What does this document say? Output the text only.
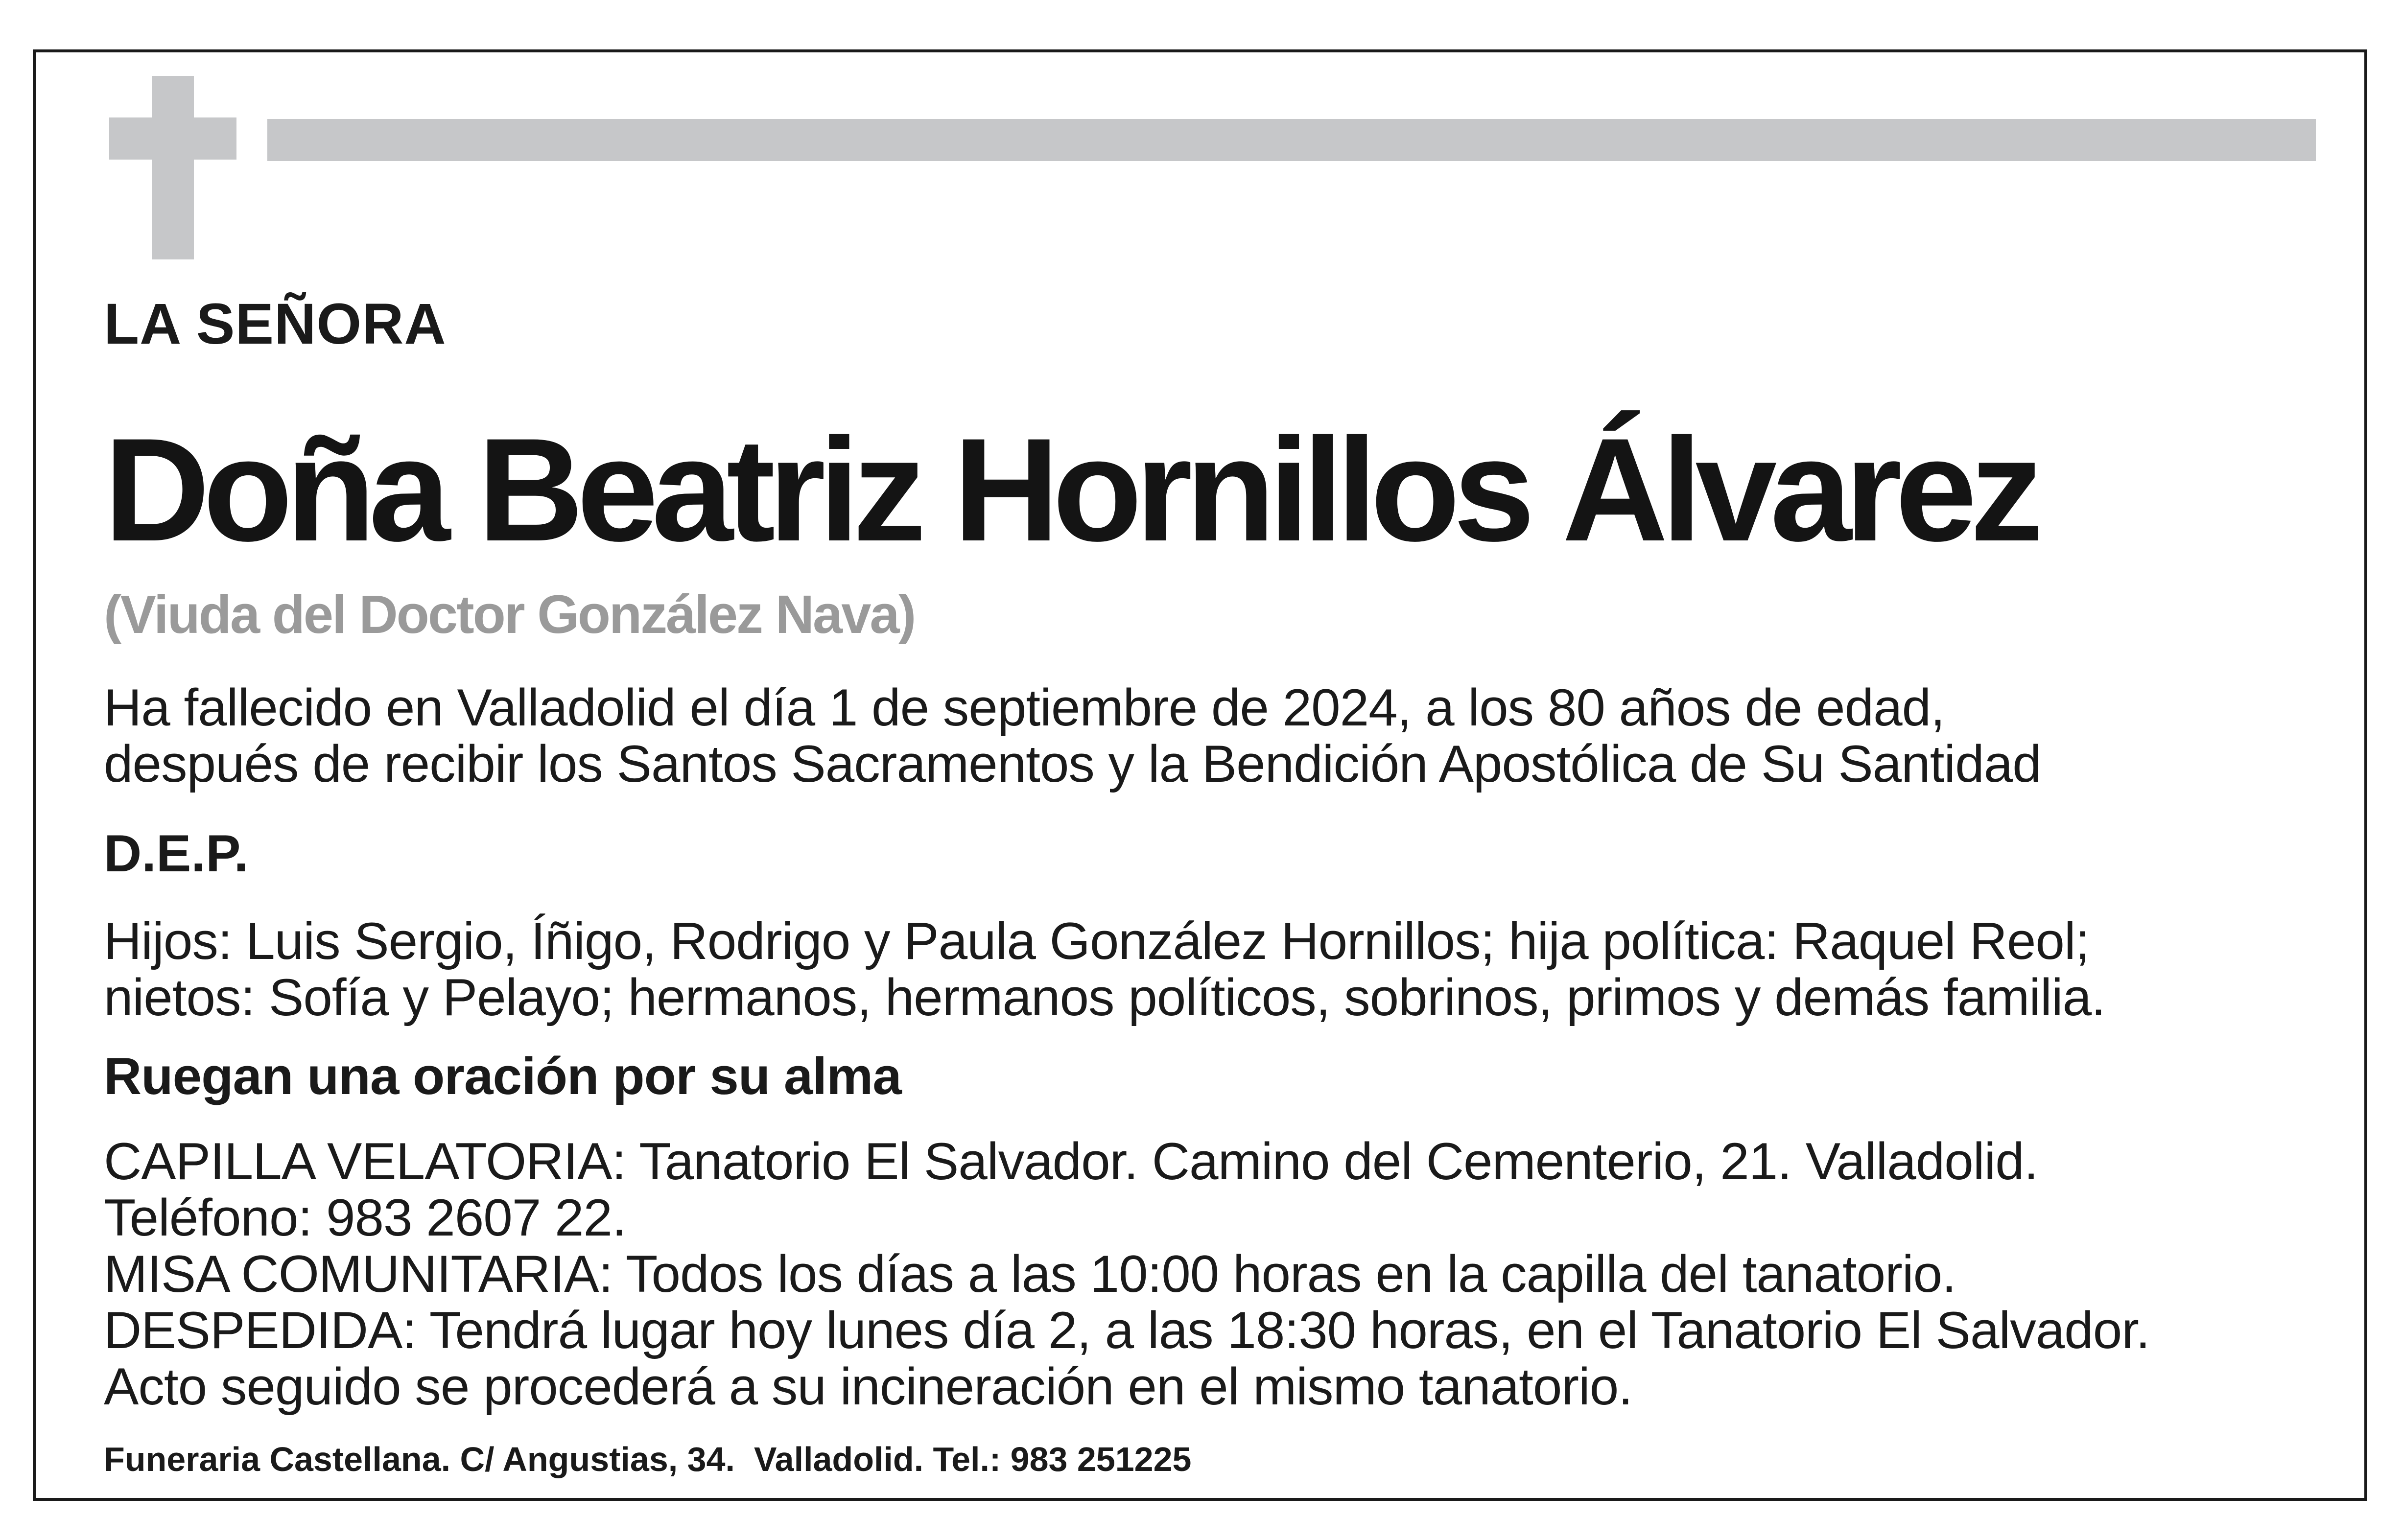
LA SEÑORA

Doña Beatriz Hornillos Álvarez

(Viuda del Doctor González Nava)

Ha fallecido en Valladolid el día 1 de septiembre de 2024, a los 80 años de edad,
después de recibir los Santos Sacramentos y la Bendición Apostólica de Su Santidad

D.E.P.

Hijos: Luis Sergio, Íñigo, Rodrigo y Paula González Hornillos; hija política: Raquel Reol;
nietos: Sofía y Pelayo; hermanos, hermanos políticos, sobrinos, primos y demás familia.

Ruegan una oración por su alma

CAPILLA VELATORIA: Tanatorio El Salvador. Camino del Cementerio, 21. Valladolid.
Teléfono: 983 2607 22.
MISA COMUNITARIA: Todos los días a las 10:00 horas en la capilla del tanatorio.
DESPEDIDA: Tendrá lugar hoy lunes día 2, a las 18:30 horas, en el Tanatorio El Salvador.
Acto seguido se procederá a su incineración en el mismo tanatorio.

Funeraria Castellana. C/ Angustias, 34.  Valladolid. Tel.: 983 251225
